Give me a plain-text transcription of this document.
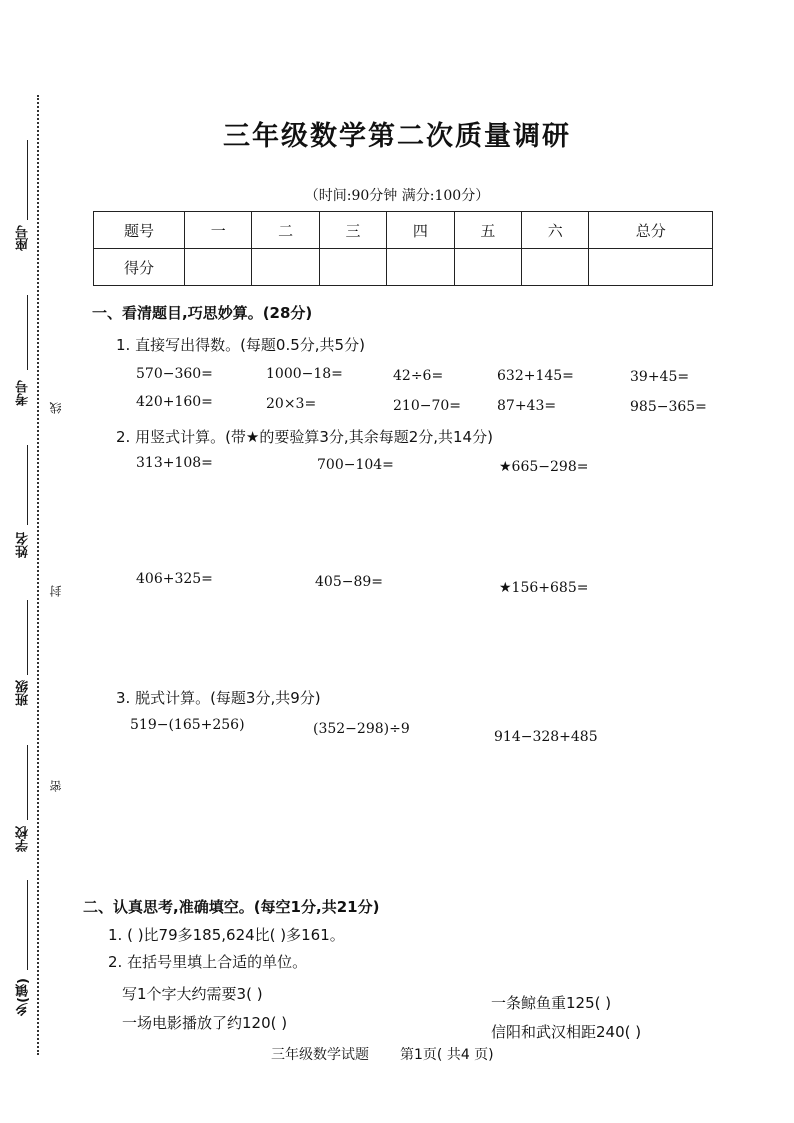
座号
考号
线
姓名
封
班级
密
学校
乡(镇)
三年级数学第二次质量调研
（时间:90分钟 满分:100分）
题号	一	二	三	四	五	六	总分
得分							
一、看清题目,巧思妙算。(28分)
1. 直接写出得数。(每题0.5分,共5分)
570−360=	1000−18=	42÷6=	632+145=	39+45=
420+160=	20×3=	210−70=	87+43=	985−365=
2. 用竖式计算。(带★的要验算3分,其余每题2分,共14分)
313+108=	700−104=	★665−298=
406+325=	405−89=	★156+685=
3. 脱式计算。(每题3分,共9分)
519−(165+256)	(352−298)÷9	914−328+485
二、认真思考,准确填空。(每空1分,共21分)
1. ( )比79多185,624比( )多161。
2. 在括号里填上合适的单位。
写1个字大约需要3( )	一条鲸鱼重125( )
一场电影播放了约120( )	信阳和武汉相距240( )
三年级数学试题 第1页( 共4 页)
